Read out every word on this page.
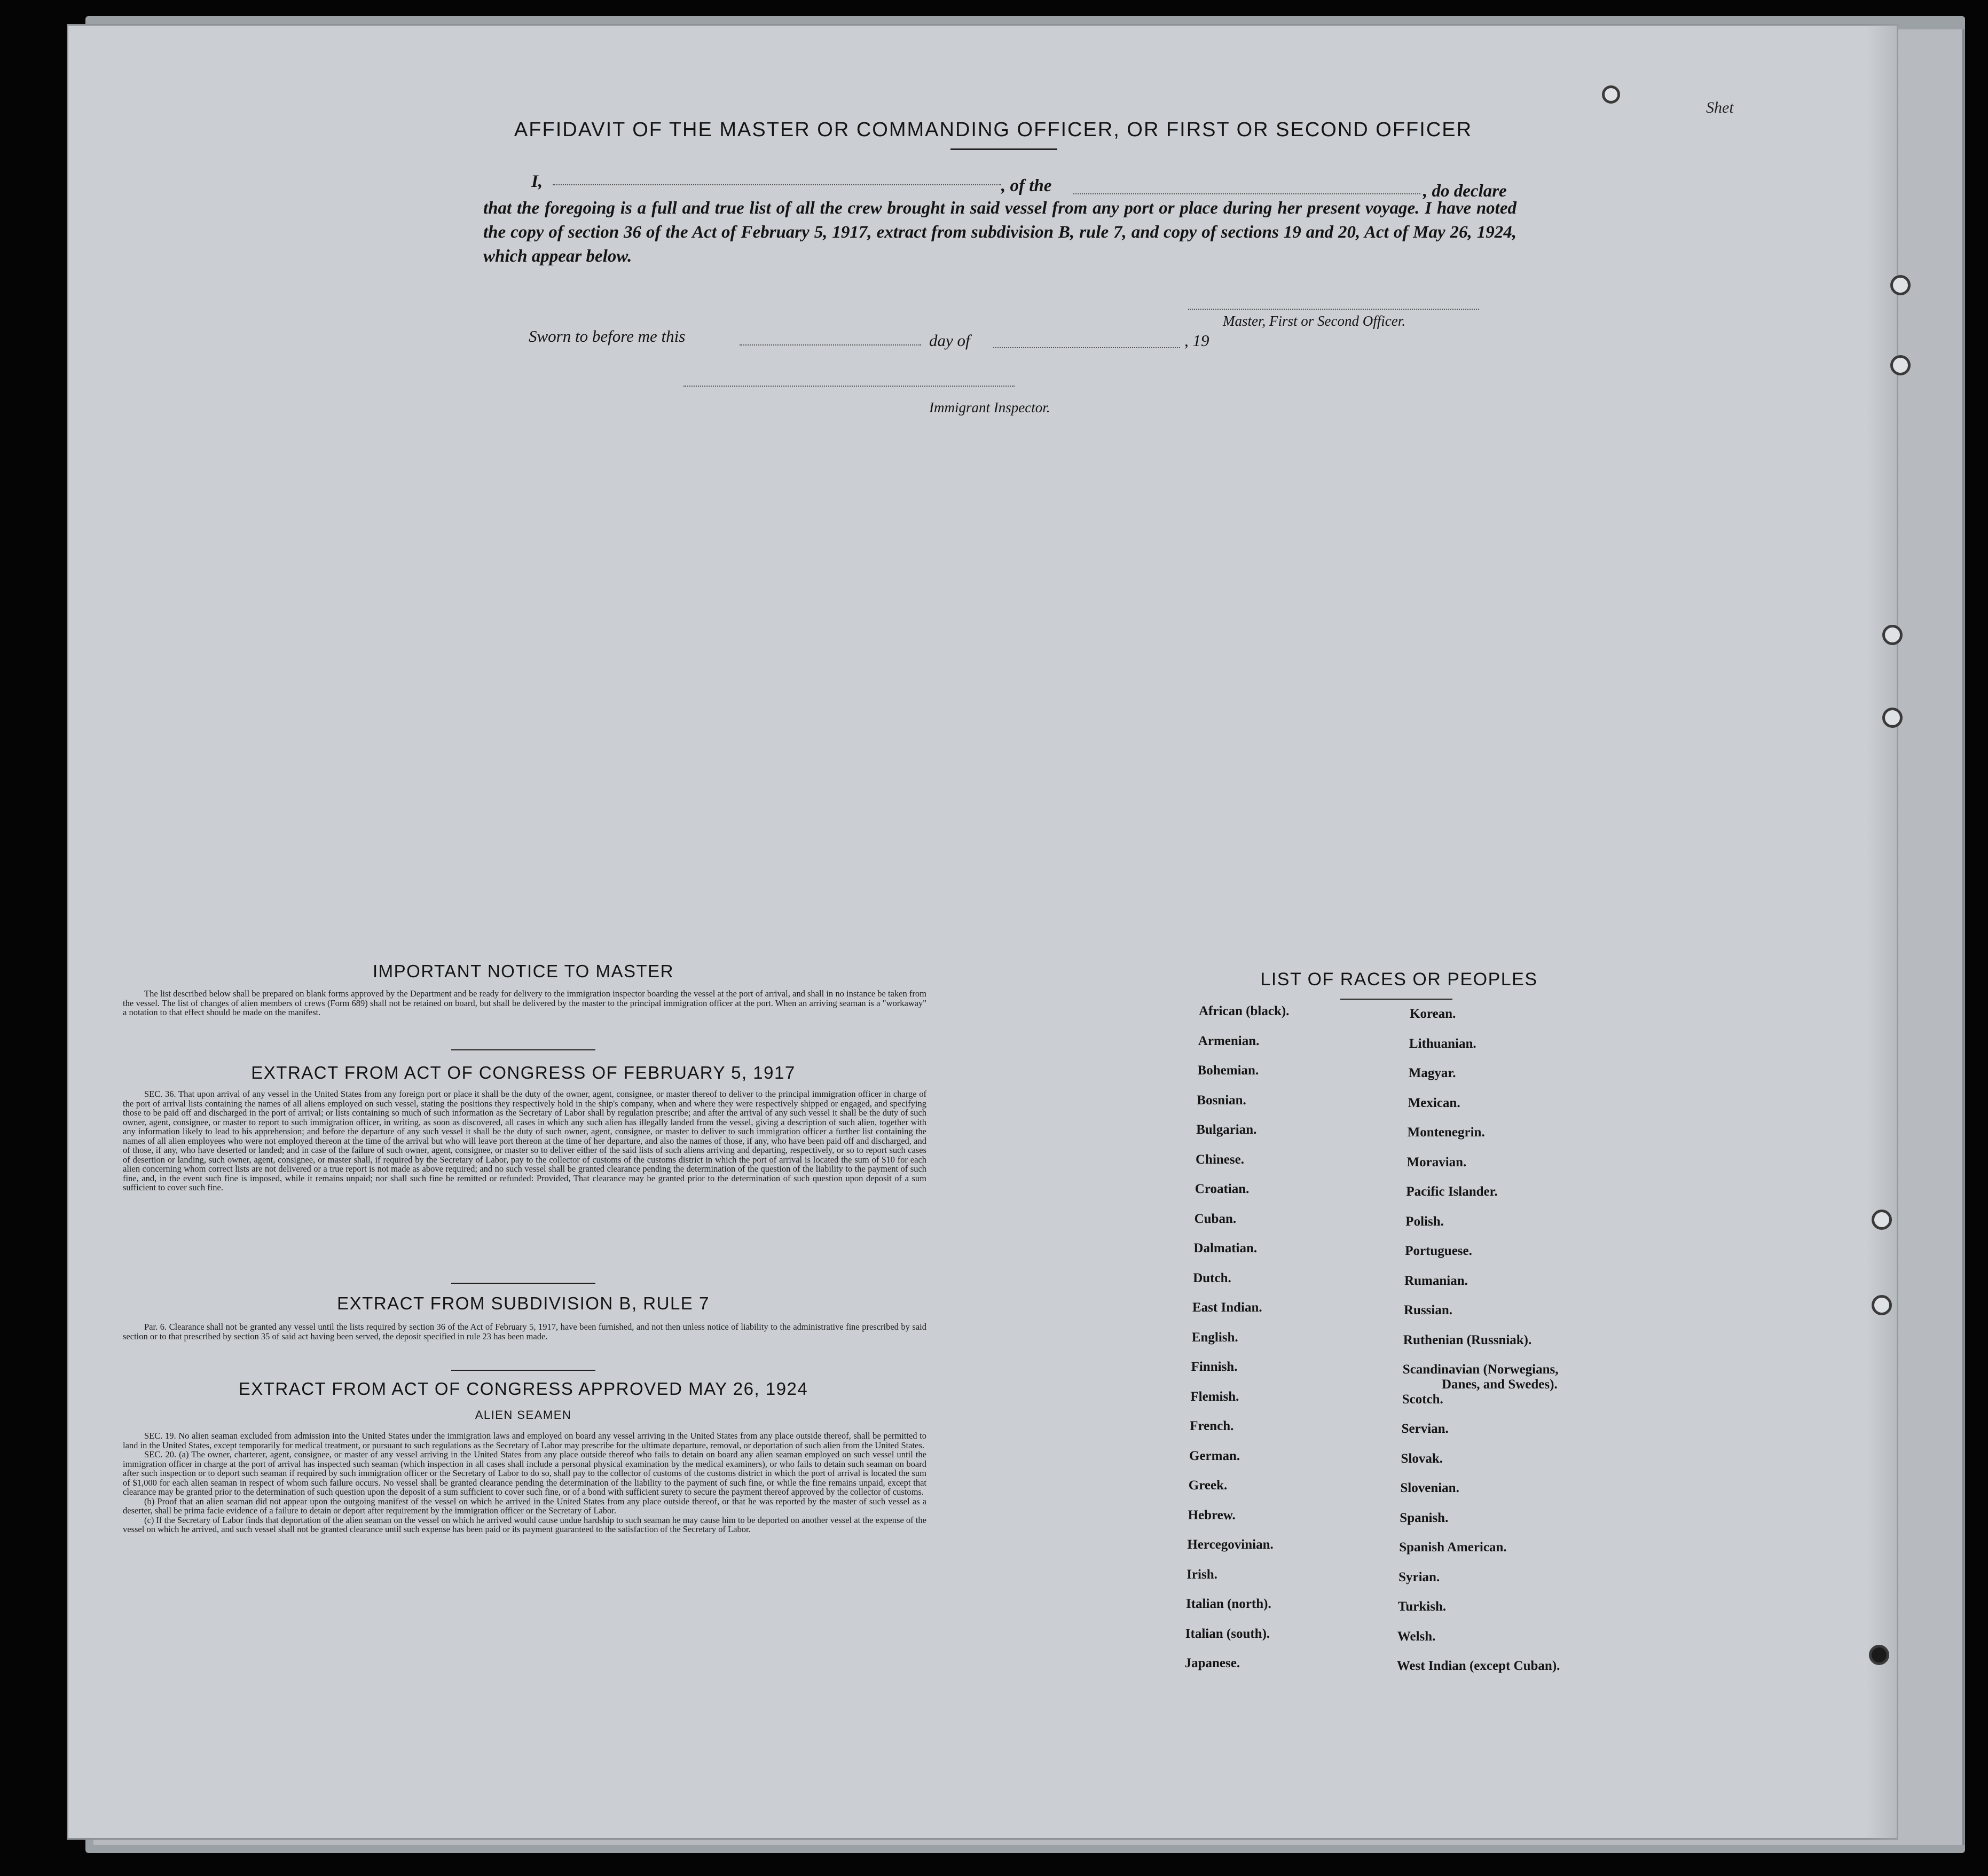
Shet
AFFIDAVIT OF THE MASTER OR COMMANDING OFFICER, OR FIRST OR SECOND OFFICER
I,	, of the	, do declare
that the foregoing is a full and true list of all the crew brought in said vessel from any port or place during her present voyage. I have noted the copy of section 36 of the Act of February 5, 1917, extract from subdivision B, rule 7, and copy of sections 19 and 20, Act of May 26, 1924, which appear below.
Master, First or Second Officer.
Sworn to before me this	day of	, 19
Immigrant Inspector.
IMPORTANT NOTICE TO MASTER
The list described below shall be prepared on blank forms approved by the Department and be ready for delivery to the immigration inspector boarding the vessel at the port of arrival, and shall in no instance be taken from the vessel. The list of changes of alien members of crews (Form 689) shall not be retained on board, but shall be delivered by the master to the principal immigration officer at the port. When an arriving seaman is a "workaway" a notation to that effect should be made on the manifest.
EXTRACT FROM ACT OF CONGRESS OF FEBRUARY 5, 1917
SEC. 36. That upon arrival of any vessel in the United States from any foreign port or place it shall be the duty of the owner, agent, consignee, or master thereof to deliver to the principal immigration officer in charge of the port of arrival lists containing the names of all aliens employed on such vessel, stating the positions they respectively hold in the ship's company, when and where they were respectively shipped or engaged, and specifying those to be paid off and discharged in the port of arrival; or lists containing so much of such information as the Secretary of Labor shall by regulation prescribe; and after the arrival of any such vessel it shall be the duty of such owner, agent, consignee, or master to report to such immigration officer, in writing, as soon as discovered, all cases in which any such alien has illegally landed from the vessel, giving a description of such alien, together with any information likely to lead to his apprehension; and before the departure of any such vessel it shall be the duty of such owner, agent, consignee, or master to deliver to such immigration officer a further list containing the names of all alien employees who were not employed thereon at the time of the arrival but who will leave port thereon at the time of her departure, and also the names of those, if any, who have been paid off and discharged, and of those, if any, who have deserted or landed; and in case of the failure of such owner, agent, consignee, or master so to deliver either of the said lists of such aliens arriving and departing, respectively, or so to report such cases of desertion or landing, such owner, agent, consignee, or master shall, if required by the Secretary of Labor, pay to the collector of customs of the customs district in which the port of arrival is located the sum of $10 for each alien concerning whom correct lists are not delivered or a true report is not made as above required; and no such vessel shall be granted clearance pending the determination of the question of the liability to the payment of such fine, and, in the event such fine is imposed, while it remains unpaid; nor shall such fine be remitted or refunded: Provided, That clearance may be granted prior to the determination of such question upon deposit of a sum sufficient to cover such fine.
EXTRACT FROM SUBDIVISION B, RULE 7
Par. 6. Clearance shall not be granted any vessel until the lists required by section 36 of the Act of February 5, 1917, have been furnished, and not then unless notice of liability to the administrative fine prescribed by said section or to that prescribed by section 35 of said act having been served, the deposit specified in rule 23 has been made.
EXTRACT FROM ACT OF CONGRESS APPROVED MAY 26, 1924
ALIEN SEAMEN

SEC. 19. No alien seaman excluded from admission into the United States under the immigration laws and employed on board any vessel arriving in the United States from any place outside thereof, shall be permitted to land in the United States, except temporarily for medical treatment, or pursuant to such regulations as the Secretary of Labor may prescribe for the ultimate departure, removal, or deportation of such alien from the United States.

SEC. 20. (a) The owner, charterer, agent, consignee, or master of any vessel arriving in the United States from any place outside thereof who fails to detain on board any alien seaman employed on such vessel until the immigration officer in charge at the port of arrival has inspected such seaman (which inspection in all cases shall include a personal physical examination by the medical examiners), or who fails to detain such seaman on board after such inspection or to deport such seaman if required by such immigration officer or the Secretary of Labor to do so, shall pay to the collector of customs of the customs district in which the port of arrival is located the sum of $1,000 for each alien seaman in respect of whom such failure occurs. No vessel shall be granted clearance pending the determination of the liability to the payment of such fine, or while the fine remains unpaid, except that clearance may be granted prior to the determination of such question upon the deposit of a sum sufficient to cover such fine, or of a bond with sufficient surety to secure the payment thereof approved by the collector of customs.

(b) Proof that an alien seaman did not appear upon the outgoing manifest of the vessel on which he arrived in the United States from any place outside thereof, or that he was reported by the master of such vessel as a deserter, shall be prima facie evidence of a failure to detain or deport after requirement by the immigration officer or the Secretary of Labor.

(c) If the Secretary of Labor finds that deportation of the alien seaman on the vessel on which he arrived would cause undue hardship to such seaman he may cause him to be deported on another vessel at the expense of the vessel on which he arrived, and such vessel shall not be granted clearance until such expense has been paid or its payment guaranteed to the satisfaction of the Secretary of Labor.

LIST OF RACES OR PEOPLES
African (black).
Armenian.
Bohemian.
Bosnian.
Bulgarian.
Chinese.
Croatian.
Cuban.
Dalmatian.
Dutch.
East Indian.
English.
Finnish.
Flemish.
French.
German.
Greek.
Hebrew.
Hercegovinian.
Irish.
Italian (north).
Italian (south).
Japanese.
Korean.
Lithuanian.
Magyar.
Mexican.
Montenegrin.
Moravian.
Pacific Islander.
Polish.
Portuguese.
Rumanian.
Russian.
Ruthenian (Russniak).
Scandinavian (Norwegians,
Danes, and Swedes).
Scotch.
Servian.
Slovak.
Slovenian.
Spanish.
Spanish American.
Syrian.
Turkish.
Welsh.
West Indian (except Cuban).
